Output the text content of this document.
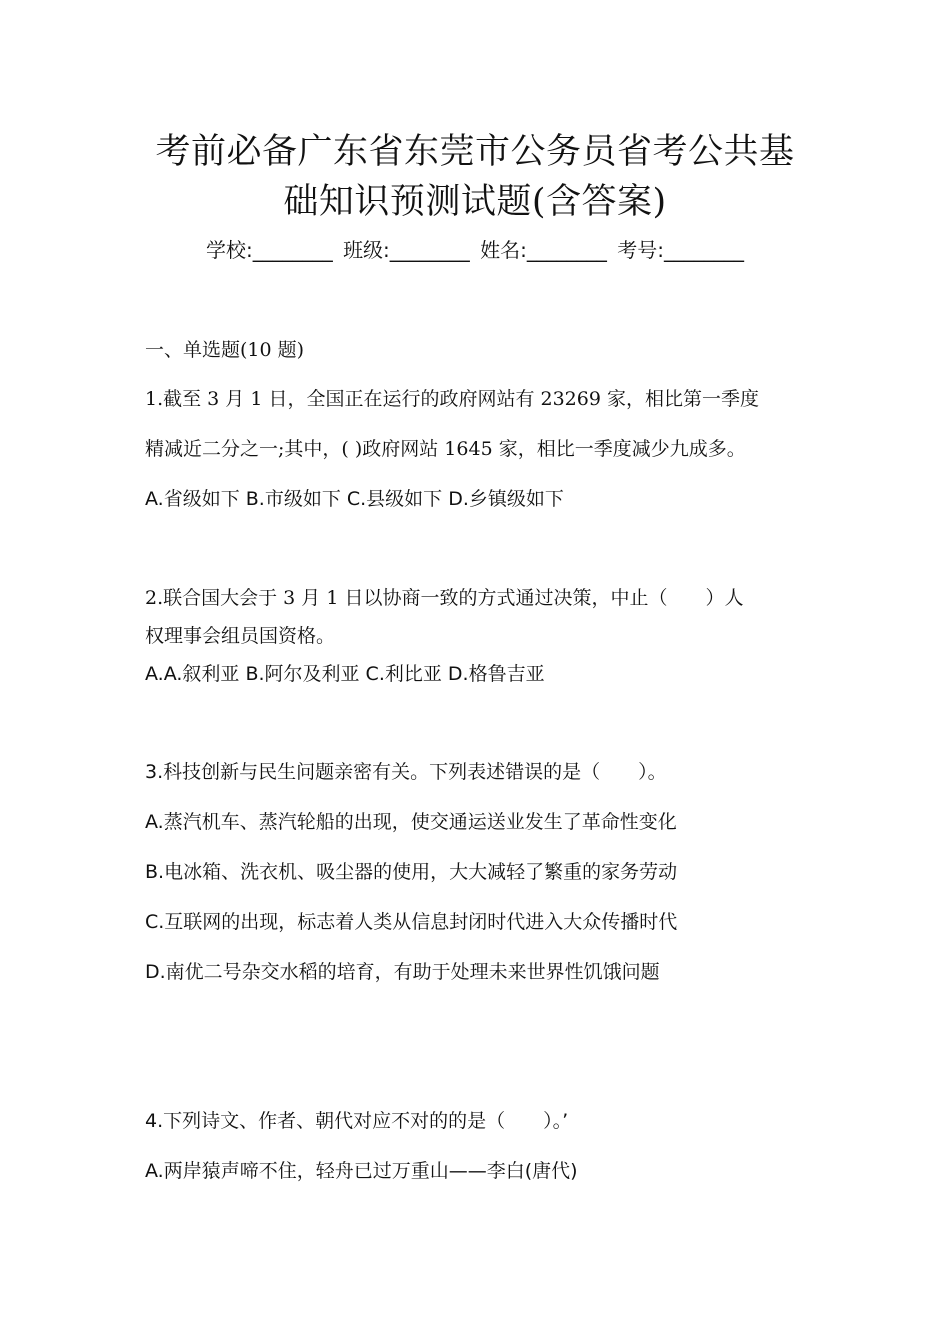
考前必备广东省东莞市公务员省考公共基
础知识预测试题(含答案)
学校:________ 班级:________ 姓名:________ 考号:________
一、单选题(10 题)
1.截至 3 月 1 日，全国正在运行的政府网站有 23269 家，相比第一季度
精减近二分之一;其中，( )政府网站 1645 家，相比一季度减少九成多。
A.省级如下 B.市级如下 C.县级如下 D.乡镇级如下
2.联合国大会于 3 月 1 日以协商一致的方式通过决策，中止（　　）人
权理事会组员国资格。
A.A.叙利亚 B.阿尔及利亚 C.利比亚 D.格鲁吉亚
3.科技创新与民生问题亲密有关。下列表述错误的是（　　）。
A.蒸汽机车、蒸汽轮船的出现，使交通运送业发生了革命性变化
B.电冰箱、洗衣机、吸尘器的使用，大大减轻了繁重的家务劳动
C.互联网的出现，标志着人类从信息封闭时代进入大众传播时代
D.南优二号杂交水稻的培育，有助于处理未来世界性饥饿问题
4.下列诗文、作者、朝代对应不对的的是（　　）。’
A.两岸猿声啼不住，轻舟已过万重山——李白(唐代)
